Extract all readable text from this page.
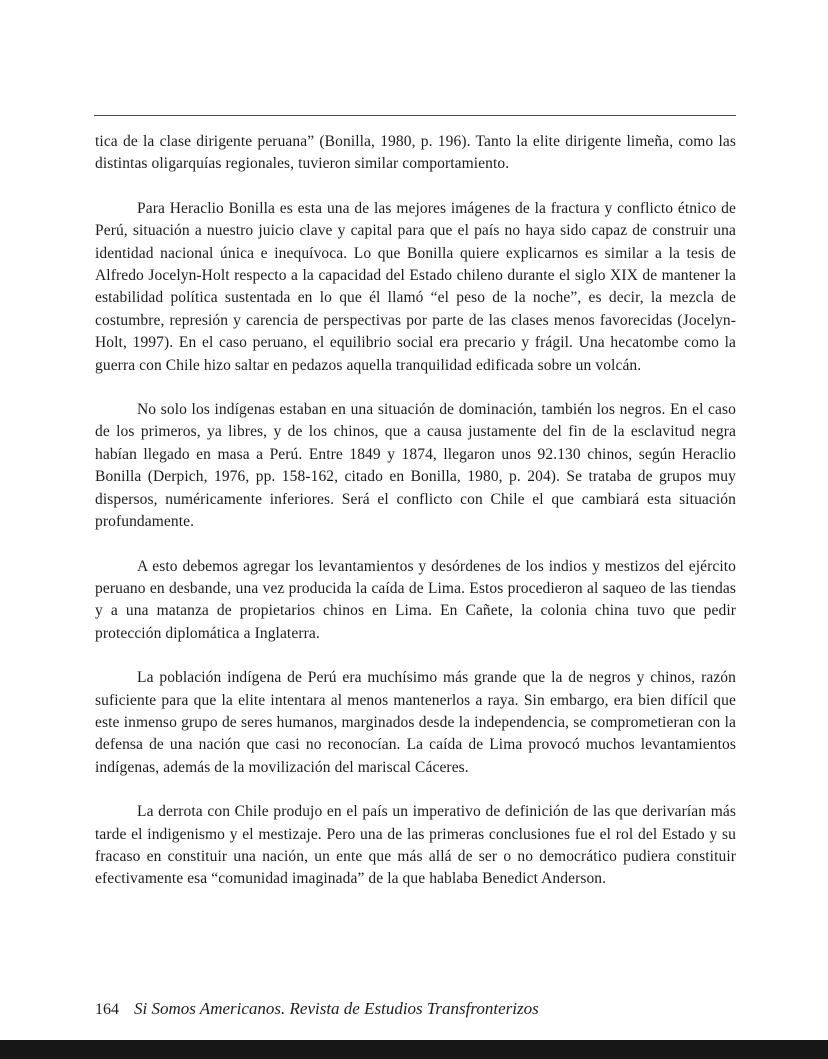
tica de la clase dirigente peruana” (Bonilla, 1980, p. 196). Tanto la elite dirigente limeña, como las distintas oligarquías regionales, tuvieron similar comportamiento.

Para Heraclio Bonilla es esta una de las mejores imágenes de la fractura y conflicto étnico de Perú, situación a nuestro juicio clave y capital para que el país no haya sido capaz de construir una identidad nacional única e inequívoca. Lo que Bonilla quiere explicarnos es similar a la tesis de Alfredo Jocelyn-Holt respecto a la capacidad del Estado chileno durante el siglo XIX de mantener la estabilidad política sustentada en lo que él llamó “el peso de la noche”, es decir, la mezcla de costumbre, represión y carencia de perspectivas por parte de las clases menos favorecidas (Jocelyn-Holt, 1997). En el caso peruano, el equilibrio social era precario y frágil. Una hecatombe como la guerra con Chile hizo saltar en pedazos aquella tranquilidad edificada sobre un volcán.

No solo los indígenas estaban en una situación de dominación, también los negros. En el caso de los primeros, ya libres, y de los chinos, que a causa justamente del fin de la esclavitud negra habían llegado en masa a Perú. Entre 1849 y 1874, llegaron unos 92.130 chinos, según Heraclio Bonilla (Derpich, 1976, pp. 158-162, citado en Bonilla, 1980, p. 204). Se trataba de grupos muy dispersos, numéricamente inferiores. Será el conflicto con Chile el que cambiará esta situación profundamente.

A esto debemos agregar los levantamientos y desórdenes de los indios y mestizos del ejército peruano en desbande, una vez producida la caída de Lima. Estos procedieron al saqueo de las tiendas y a una matanza de propietarios chinos en Lima. En Cañete, la colonia china tuvo que pedir protección diplomática a Inglaterra.

La población indígena de Perú era muchísimo más grande que la de negros y chinos, razón suficiente para que la elite intentara al menos mantenerlos a raya. Sin embargo, era bien difícil que este inmenso grupo de seres humanos, marginados desde la independencia, se comprometieran con la defensa de una nación que casi no reconocían. La caída de Lima provocó muchos levantamientos indígenas, además de la movilización del mariscal Cáceres.

La derrota con Chile produjo en el país un imperativo de definición de las que derivarían más tarde el indigenismo y el mestizaje. Pero una de las primeras conclusiones fue el rol del Estado y su fracaso en constituir una nación, un ente que más allá de ser o no democrático pudiera constituir efectivamente esa “comunidad imaginada” de la que hablaba Benedict Anderson.

164 Si Somos Americanos. Revista de Estudios Transfronterizos
